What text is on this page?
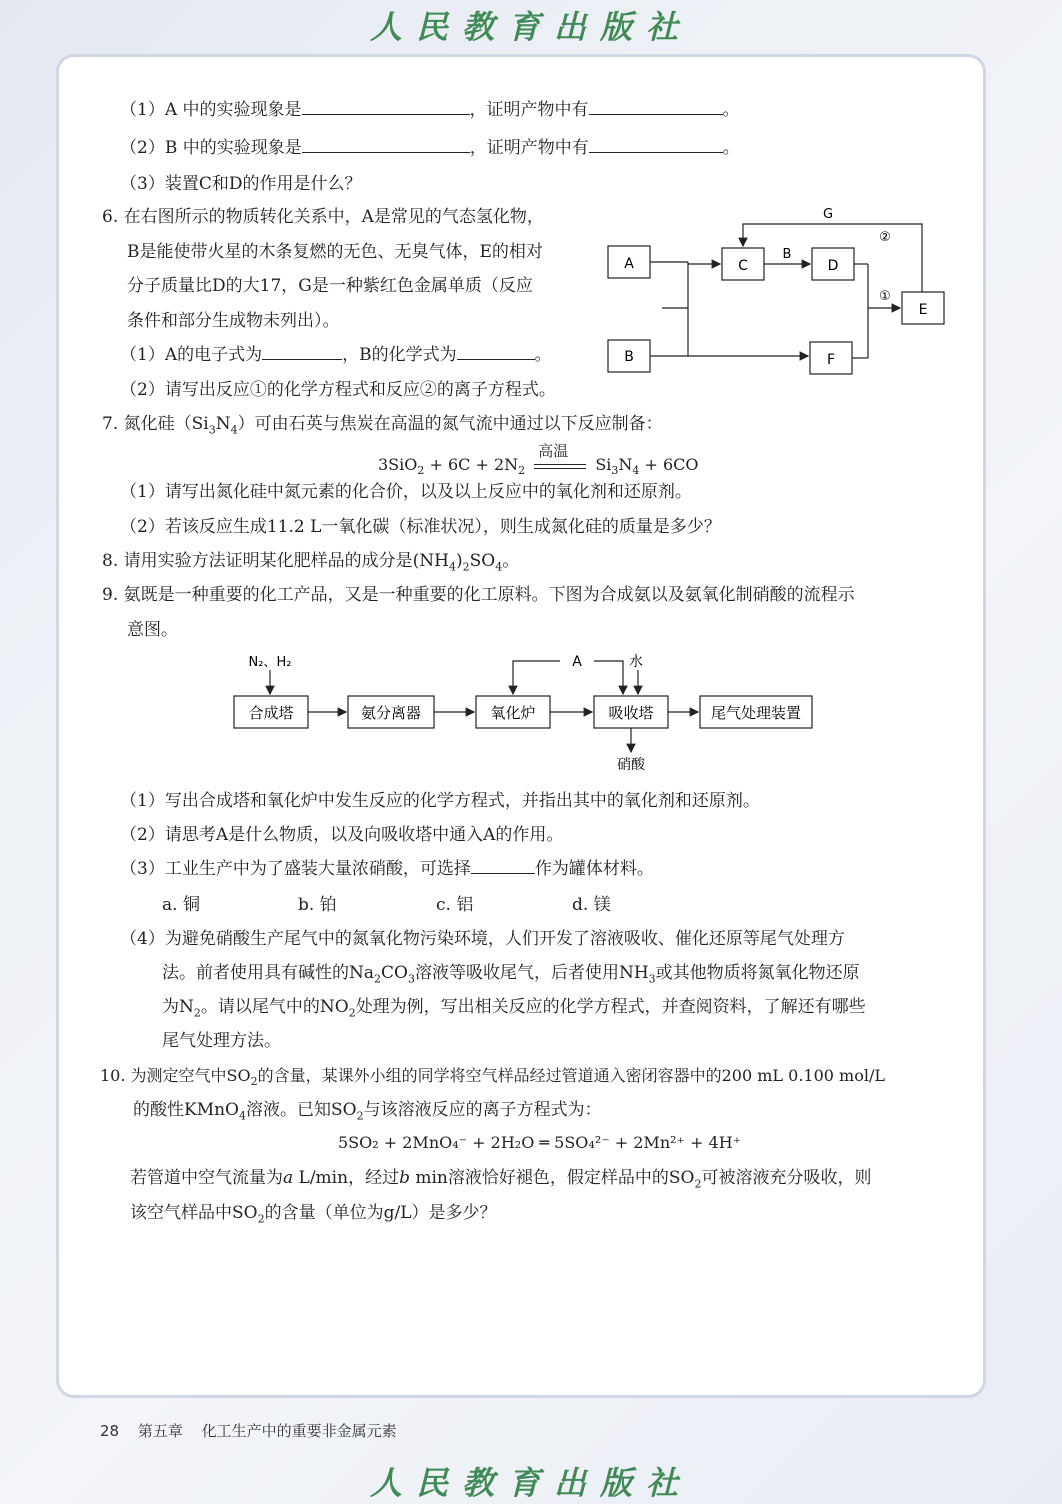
人民教育出版社
（1）A 中的实验现象是	，证明产物中有	。
（2）B 中的实验现象是	，证明产物中有	。
（3）装置C和D的作用是什么？
6. 在右图所示的物质转化关系中，A是常见的气态氢化物，
B是能使带火星的木条复燃的无色、无臭气体，E的相对
分子质量比D的大17，G是一种紫红色金属单质（反应
条件和部分生成物未列出）。
（1）A的电子式为	，B的化学式为	。
（2）请写出反应①的化学方程式和反应②的离子方程式。
A
B
C	D
E
F
G
B
①
②
7. 氮化硅$(Si_3N_4)$可由石英与焦炭在高温的氮气流中通过以下反应制备：
$3SiO_2 + 6C + 2N_2$
高温
$Si_3N_4 + 6CO$
（1）请写出氮化硅中氮元素的化合价，以及以上反应中的氧化剂和还原剂。
（2）若该反应生成11.2 L一氧化碳（标准状况），则生成氮化硅的质量是多少？
8. 请用实验方法证明某化肥样品的成分是$(NH_4)_2SO_4$。
9. 氨既是一种重要的化工产品，又是一种重要的化工原料。下图为合成氨以及氨氧化制硝酸的流程示
意图。
N₂、H₂
合成塔	氨分离器	氧化炉	吸收塔	尾气处理装置
A	水
硝酸
（1）写出合成塔和氧化炉中发生反应的化学方程式，并指出其中的氧化剂和还原剂。
（2）请思考A是什么物质，以及向吸收塔中通入A的作用。
（3）工业生产中为了盛装大量浓硝酸，可选择	作为罐体材料。
a. 铜	b. 铂	c. 铝	d. 镁
（4）为避免硝酸生产尾气中的氮氧化物污染环境，人们开发了溶液吸收、催化还原等尾气处理方
法。前者使用具有碱性的$Na_2CO_3$溶液等吸收尾气，后者使用$NH_3$或其他物质将氮氧化物还原
为$N_2$。请以尾气中的$NO_2$处理为例，写出相关反应的化学方程式，并查阅资料，了解还有哪些
尾气处理方法。
10. 为测定空气中$SO_2$的含量，某课外小组的同学将空气样品经过管道通入密闭容器中的200 mL 0.100 mol/L
的酸性KMnO$_4$溶液。已知$SO_2$与该溶液反应的离子方程式为：
5SO₂ + 2MnO₄⁻ + 2H₂O ═ 5SO₄²⁻ + 2Mn²⁺ + 4H⁺
若管道中空气流量为a L/min，经过b min溶液恰好褪色，假定样品中的$SO_2$可被溶液充分吸收，则
该空气样品中$SO_2$的含量（单位为g/L）是多少？
28 第五章 化工生产中的重要非金属元素
人民教育出版社
